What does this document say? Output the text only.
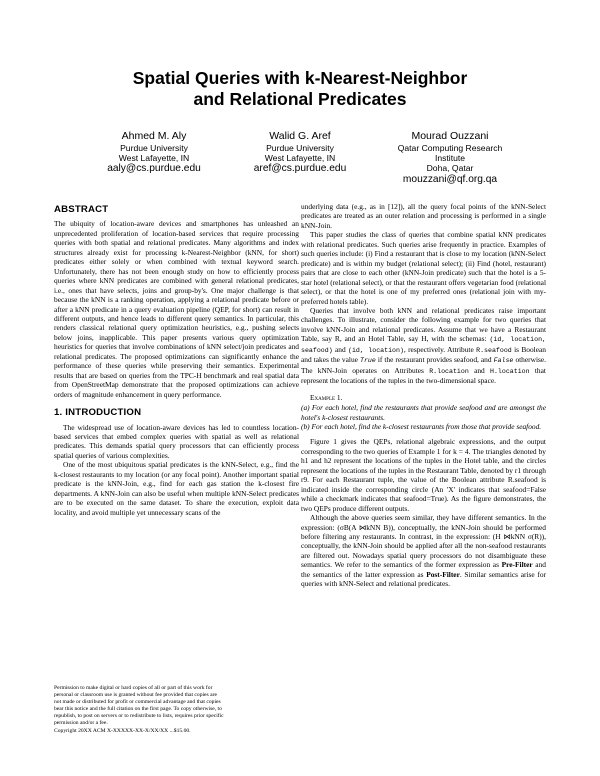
Spatial Queries with k-Nearest-Neighbor
and Relational Predicates
Ahmed M. Aly
Purdue University
West Lafayette, IN
aaly@cs.purdue.edu
Walid G. Aref
Purdue University
West Lafayette, IN
aref@cs.purdue.edu
Mourad Ouzzani
Qatar Computing Research
Institute
Doha, Qatar
mouzzani@qf.org.qa
ABSTRACT

The ubiquity of location-aware devices and smartphones has unleashed an unprecedented proliferation of location-based services that require processing queries with both spatial and relational predicates. Many algorithms and index structures already exist for processing k-Nearest-Neighbor (kNN, for short) predicates either solely or when combined with textual keyword search. Unfortunately, there has not been enough study on how to efficiently process queries where kNN predicates are combined with general relational predicates, i.e., ones that have selects, joins and group-by's. One major challenge is that because the kNN is a ranking operation, applying a relational predicate before or after a kNN predicate in a query evaluation pipeline (QEP, for short) can result in different outputs, and hence leads to different query semantics. In particular, this renders classical relational query optimization heuristics, e.g., pushing selects below joins, inapplicable. This paper presents various query optimization heuristics for queries that involve combinations of kNN select/join predicates and relational predicates. The proposed optimizations can significantly enhance the performance of these queries while preserving their semantics. Experimental results that are based on queries from the TPC-H benchmark and real spatial data from OpenStreetMap demonstrate that the proposed optimizations can achieve orders of magnitude enhancement in query performance.

1. INTRODUCTION

The widespread use of location-aware devices has led to countless location-based services that embed complex queries with spatial as well as relational predicates. This demands spatial query processors that can efficiently process spatial queries of various complexities.

One of the most ubiquitous spatial predicates is the kNN-Select, e.g., find the k-closest restaurants to my location (or any focal point). Another important spatial predicate is the kNN-Join, e.g., find for each gas station the k-closest fire departments. A kNN-Join can also be useful when multiple kNN-Select predicates are to be executed on the same dataset. To share the execution, exploit data locality, and avoid multiple yet unnecessary scans of the

Permission to make digital or hard copies of all or part of this work for

personal or classroom use is granted without fee provided that copies are

not made or distributed for profit or commercial advantage and that copies

bear this notice and the full citation on the first page. To copy otherwise, to

republish, to post on servers or to redistribute to lists, requires prior specific

permission and/or a fee.

Copyright 20XX ACM X-XXXXX-XX-X/XX/XX ...$15.00.

underlying data (e.g., as in [12]), all the query focal points of the kNN-Select predicates are treated as an outer relation and processing is performed in a single kNN-Join.

This paper studies the class of queries that combine spatial kNN predicates with relational predicates. Such queries arise frequently in practice. Examples of such queries include: (i) Find a restaurant that is close to my location (kNN-Select predicate) and is within my budget (relational select); (ii) Find (hotel, restaurant) pairs that are close to each other (kNN-Join predicate) such that the hotel is a 5-star hotel (relational select), or that the restaurant offers vegetarian food (relational select), or that the hotel is one of my preferred ones (relational join with my-preferred hotels table).

Queries that involve both kNN and relational predicates raise important challenges. To illustrate, consider the following example for two queries that involve kNN-Join and relational predicates. Assume that we have a Restaurant Table, say R, and an Hotel Table, say H, with the schemas: (id, location, seafood) and (id, location), respectively. Attribute R.seafood is Boolean and takes the value True if the restaurant provides seafood, and False otherwise. The kNN-Join operates on Attributes R.location and H.location that represent the locations of the tuples in the two-dimensional space.

Example 1.

(a) For each hotel, find the restaurants that provide seafood and are amongst the hotel's k-closest restaurants.

(b) For each hotel, find the k-closest restaurants from those that provide seafood.

Figure 1 gives the QEPs, relational algebraic expressions, and the output corresponding to the two queries of Example 1 for k = 4. The triangles denoted by h1 and h2 represent the locations of the tuples in the Hotel table, and the circles represent the locations of the tuples in the Restaurant Table, denoted by r1 through r9. For each Restaurant tuple, the value of the Boolean attribute R.seafood is indicated inside the corresponding circle (An 'X' indicates that seafood=False while a checkmark indicates that seafood=True). As the figure demonstrates, the two QEPs produce different outputs.

Although the above queries seem similar, they have different semantics. In the expression: (σB(A ⋈kNN B)), conceptually, the kNN-Join should be performed before filtering any restaurants. In contrast, in the expression: (H ⋈kNN σ(R)), conceptually, the kNN-Join should be applied after all the non-seafood restaurants are filtered out. Nowadays spatial query processors do not disambiguate these semantics. We refer to the semantics of the former expression as Pre-Filter and the semantics of the latter expression as Post-Filter. Similar semantics arise for queries with kNN-Select and relational predicates.
